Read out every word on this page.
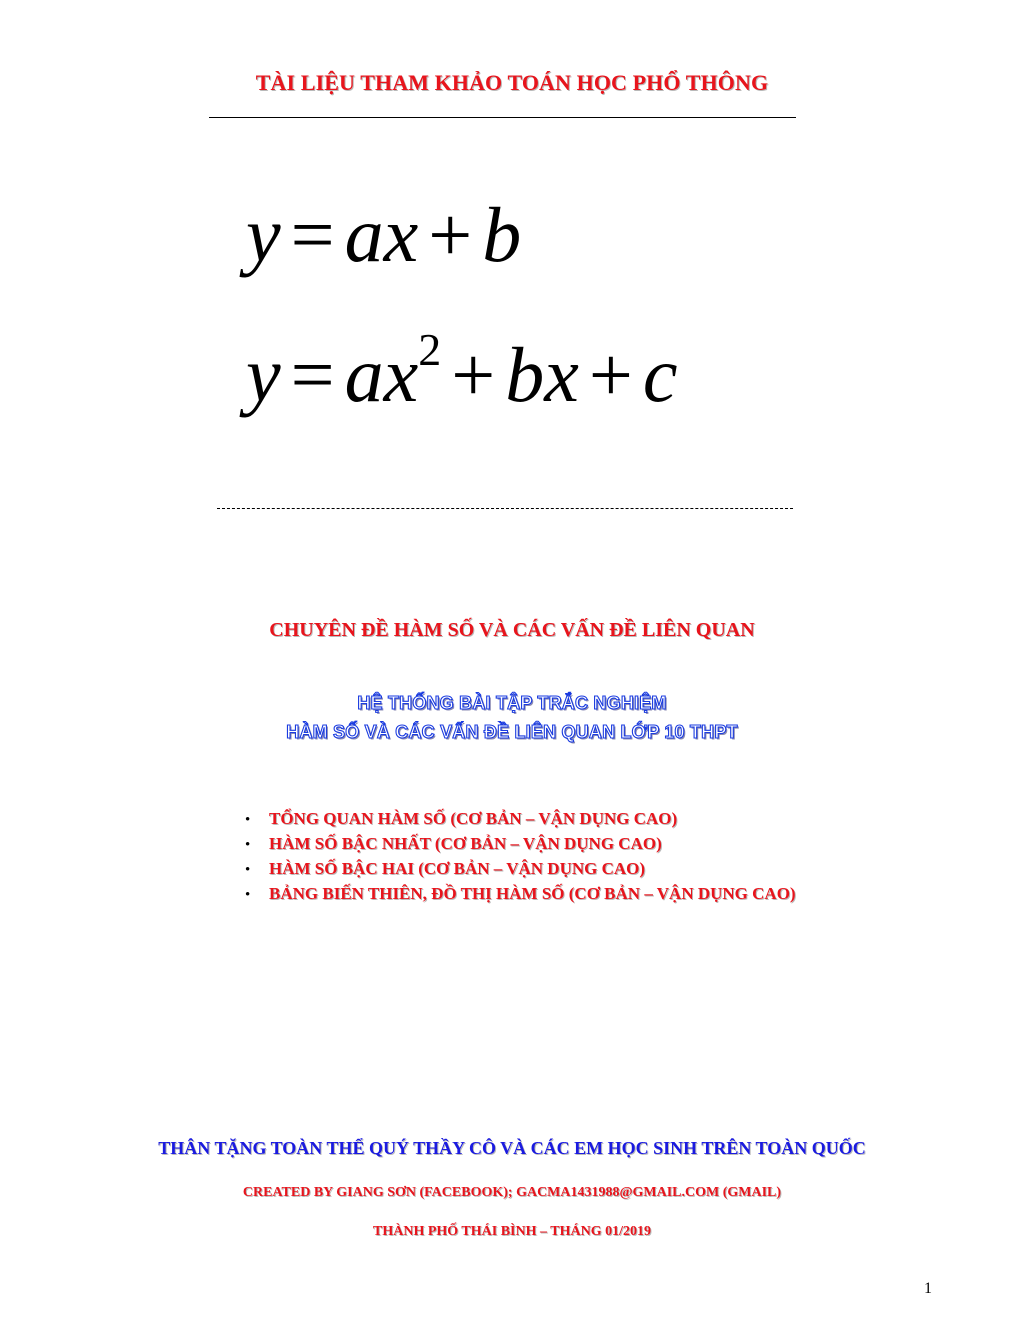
TÀI LIỆU THAM KHẢO TOÁN HỌC PHỔ THÔNG
y = ax + b
$y = ax^2$ + bx + c
CHUYÊN ĐỀ HÀM SỐ VÀ CÁC VẤN ĐỀ LIÊN QUAN
HỆ THỐNG BÀI TẬP TRẮC NGHIỆM
HÀM SỐ VÀ CÁC VẤN ĐỀ LIÊN QUAN LỚP 10 THPT
• TỔNG QUAN HÀM SỐ (CƠ BẢN – VẬN DỤNG CAO)
• HÀM SỐ BẬC NHẤT (CƠ BẢN – VẬN DỤNG CAO)
• HÀM SỐ BẬC HAI (CƠ BẢN – VẬN DỤNG CAO)
• BẢNG BIẾN THIÊN, ĐỒ THỊ HÀM SỐ (CƠ BẢN – VẬN DỤNG CAO)
THÂN TẶNG TOÀN THỂ QUÝ THẦY CÔ VÀ CÁC EM HỌC SINH TRÊN TOÀN QUỐC
CREATED BY GIANG SƠN (FACEBOOK); GACMA1431988@GMAIL.COM (GMAIL)
THÀNH PHỐ THÁI BÌNH – THÁNG 01/2019
1
